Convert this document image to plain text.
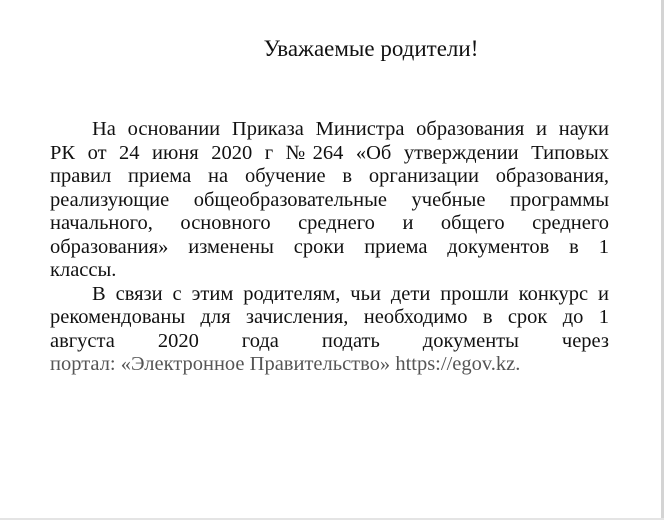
Уважаемые родители!
На основании Приказа Министра образования и науки
РК от 24 июня 2020 г №264 «Об утверждении Типовых
правил приема на обучение в организации образования,
реализующие общеобразовательные учебные программы
начального, основного среднего и общего среднего
образования» изменены сроки приема документов в 1
классы.
В связи с этим родителям, чьи дети прошли конкурс и
рекомендованы для зачисления, необходимо в срок до 1
августа 2020 года подать документы через
портал: «Электронное Правительство» https://egov.kz.
